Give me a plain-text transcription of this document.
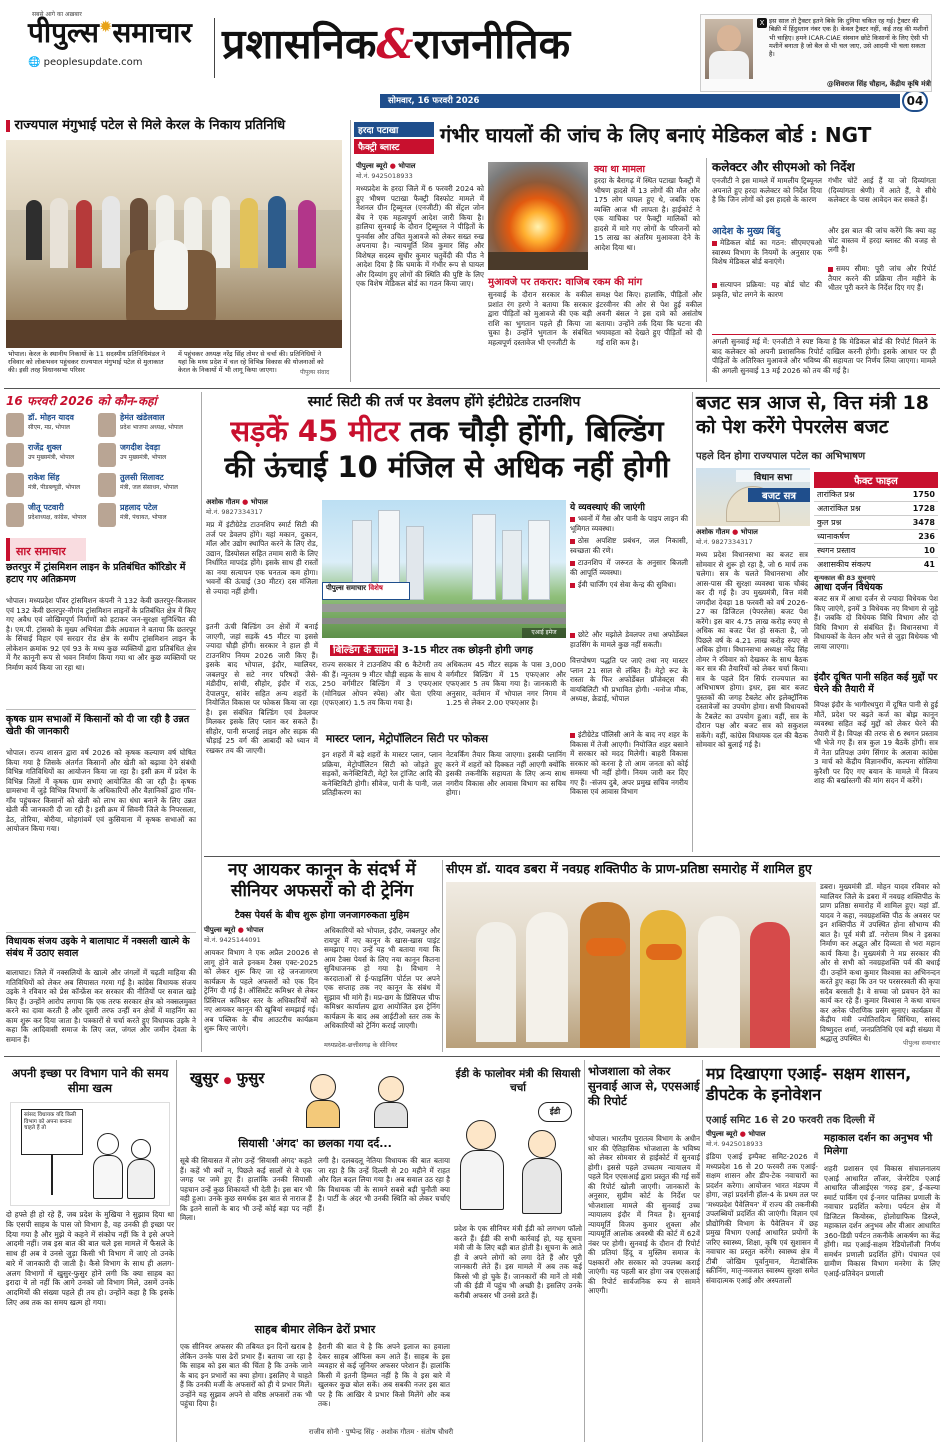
सबसे आगे का अख़बार
पीपुल्स✹समाचार
🌐 peoplesupdate.com	प्रशासनिक&राजनीतिक
सोमवार, 16 फरवरी 2026	04
X इस साल तो ट्रैक्टर इतने बिके कि दुनिया चकित रह गई। ट्रैक्टर की बिक्री में हिंदुस्तान नंबर एक है। केवल ट्रैक्टर नहीं, कई तरह की मशीनों भी चाहिए। हमने ICAR-CIAE संस्थान छोटे किसानों के लिए ऐसी भी मशीनें बनाता है जो बैल से भी चल जाए, उसे आदमी भी चला सकता है।
@शिवराज सिंह चौहान, केंद्रीय कृषि मंत्री
राज्यपाल मंगुभाई पटेल से मिले केरल के निकाय प्रतिनिधि
भोपाल। केरल के स्थानीय निकायों के 11 सदस्यीय प्रतिनिधिमंडल ने रविवार को लोकभवन पहुंचकर राज्यपाल मंगुभाई पटेल से मुलाकात की। इसी तरह विधानसभा परिसर
में पहुंचकर अध्यक्ष नरेंद्र सिंह तोमर से चर्चा की। प्रतिनिधियों ने यहां कि मध्य प्रदेश में चल रहे विभिन्न विकास की योजनाओं को केरल के निकायों में भी लागू किया जाएगा।	पीपुल्स संवाद
हरदा पटाखा
फैक्ट्री ब्लास्ट
गंभीर घायलों की जांच के लिए बनाएं मेडिकल बोर्ड : NGT
पीपुल्स ब्यूरो ● भोपाल
मो.नं. 9425018933
मध्यप्रदेश के हरदा जिले में 6 फरवरी 2024 को हुए भीषण पटाखा फैक्ट्री विस्फोट मामले में नेशनल ग्रीन ट्रिब्यूनल (एनजीटी) की सेंट्रल जोन बेंच ने एक महत्वपूर्ण आदेश जारी किया है। हालिया सुनवाई के दौरान ट्रिब्यूनल ने पीड़ितों के पुनर्वास और उचित मुआवजे को लेकर सख्त रुख अपनाया है। न्यायमूर्ति शिव कुमार सिंह और विशेषज्ञ सदस्य सुधीर कुमार चतुर्वेदी की पीठ ने आदेश दिया है कि घमाके में गंभीर रूप से घायल और दिव्यांग हुए लोगों की स्थिति की पुष्टि के लिए एक विशेष मेडिकल बोर्ड का गठन किया जाए।
क्या था मामला
हरदा के बैरागढ़ में स्थित पटाखा फैक्ट्री में भीषण हादसे में 13 लोगों की मौत और 175 लोग घायल हुए थे, जबकि एक व्यक्ति आज भी लापता है। हाईकोर्ट ने एक याचिका पर फैक्ट्री मालिकों को हादसे में मारे गए लोगों के परिजनों को 15 लाख का अंतरिम मुआवजा देने के आदेश दिया था।
मुआवजे पर तकरार: वाजिब रकम की मांग
सुनवाई के दौरान सरकार के वकील प्रशांत रंग हरणे ने बताया कि सरकार द्वारा पीड़ितों को मुआवजे की एक बड़ी राशि का भुगतान पहले ही किया जा चुका है। उन्होंने भुगतान के संबंधित महत्वपूर्ण दस्तावेज भी एनजीटी के
समक्ष पेश किए। हालांकि, पीड़ितों और इंटरवीनर की ओर से पेश हुई वकील अवनी बंसल ने इस दावे को असंतोष बताया। उन्होंने तर्क दिया कि घटना की भयावहता को देखते हुए पीड़ितों को दी गई राशि कम है।
कलेक्टर और सीएमओ को निर्देश
एनजीटी ने इस मामले में मामलीय ट्रिब्यूनल अपनाते हुए हरदा कलेक्टर को निर्देश दिया है कि जिन लोगों को इस हादसे के कारण
गंभीर चोटें आई हैं या जो दिव्यांगता (दिव्यांगता श्रेणी) में आते हैं, वे सीधे कलेक्टर के पास आवेदन कर सकते हैं।
आदेश के मुख्य बिंदु
मेडिकल बोर्ड का गठन: सीएमएचओ स्वास्थ्य विभाग के नियमों के अनुसार एक विशेष मेडिकल बोर्ड बनाएंगे।
सत्यापन प्रक्रिया: यह बोर्ड चोट की प्रकृति, चोट लगने के कारण
और इस बात की जांच करेंगे कि क्या वह चोट वास्तव में हरदा ब्लास्ट की वजह से लगी है।
समय सीमा: पूरी जांच और रिपोर्ट तैयार करने की प्रक्रिया तीन महीने के भीतर पूरी करने के निर्देश दिए गए हैं।
अगली सुनवाई मई में: एनजीटी ने स्पष्ट किया है कि मेडिकल बोर्ड की रिपोर्ट मिलने के बाद कलेक्टर को अपनी प्रशासनिक रिपोर्ट दाखिल करनी होगी। इसके आधार पर ही पीड़ितों के अतिरिक्त मुआवजे और भविष्य की सहायता पर निर्णय लिया जाएगा। मामले की अगली सुनवाई 13 मई 2026 को तय की गई है।
16 फरवरी 2026 को कौन-कहां
डॉ. मोहन यादव
सीएम, मप्र, भोपाल
हेमंत खंडेलवाल
प्रदेश भाजपा अध्यक्ष, भोपाल
राजेंद्र शुक्ल
उप मुख्यमंत्री, भोपाल
जगदीश देवड़ा
उप मुख्यमंत्री, भोपाल
राकेश सिंह
मंत्री, पीडब्ल्यूडी, भोपाल
तुलसी सिलावट
मंत्री, जल संसाधन, भोपाल
जीतू पटवारी
प्रदेशाध्यक्ष, कांग्रेस, भोपाल
प्रहलाद पटेल
मंत्री, पंचायत, भोपाल
सार समाचार
छतरपुर में ट्रांसमिशन लाइन के प्रतिबंधित कॉरिडोर में हटाए गए अतिक्रमण
भोपाल। मध्यप्रदेश पॉवर ट्रांसमिशन कंपनी ने 132 केवी छतरपुर-बिजावर एवं 132 केवी छतरपुर-नौगांव ट्रांसमिशन लाइनों के प्रतिबंधित क्षेत्र में किए गए अवैध एवं जोखिमपूर्ण निर्माणों को हटाकर जन-सुरक्षा सुनिश्चित की है। एम.पी. ट्रांसको के मुख्य अभियंता डीके अग्रवाल ने बताया कि छतरपुर के सिंचाई विहार एवं सरदार रोड क्षेत्र के समीप ट्रांसमिशन लाइन के लोकेशन क्रमांक 92 एवं 93 के मध्य कुछ व्यक्तियों द्वारा प्रतिबंधित क्षेत्र में गैर कानूनी रूप से भवन निर्माण किया गया था और कुछ व्यक्तियों पर निर्माण कार्य किया जा रहा था।
कृषक ग्राम सभाओं में किसानों को दी जा रही है उन्नत खेती की जानकारी
भोपाल। राज्य शासन द्वारा वर्ष 2026 को कृषक कल्याण वर्ष घोषित किया गया है जिसके अंतर्गत किसानों और खेती को बढ़ावा देने संबंधी विभिन्न गतिविधियों का आयोजन किया जा रहा है। इसी क्रम में प्रदेश के विभिन्न जिलों में कृषक ग्राम सभाएं आयोजित की जा रही है। कृषक ग्रामसभा में जुड़े विभिन्न विभागों के अधिकारियों और वैज्ञानिकों द्वारा गाँव-गाँव पहुंचकर किसानों को खेती को लाभ का धंधा बनाने के लिए उन्नत खेती की जानकारी दी जा रही है। इसी क्रम में सिवनी जिले के निपरसला, डेठ, तोरिया, बोरीया, मोहगांवमें एवं कुसियाना में कृषक सभाओं का आयोजन किया गया।
विधायक संजय उइके ने बालाघाट में नक्सली खात्मे के संबंध में उठाए सवाल
बालाघाट। जिले में नक्सलियों के खात्मे और जंगलों में चढ़ती माहिया की गतिविधियों को लेकर अब सियासत गरमा गई है। कांग्रेस विधायक संजय उइके ने रविवार को प्रेस कॉन्फ्रेंस कर सरकार की नीतियों पर सवाल खड़े किए हैं। उन्होंने आरोप लगाया कि एक तरफ सरकार क्षेत्र को नक्सलमुक्त करने का दावा करती है और दूसरी तरफ उन्हीं वन क्षेत्रों में माहनिंग का काम शुरू कर दिया जाता है। पत्रकारों से चर्चा करते हुए विधायक उइके ने कहा कि आदिवासी समाज के लिए जल, जंगल और जमीन देवता के समान हैं।
स्मार्ट सिटी की तर्ज पर डेवलप होंगे इंटीग्रेटेड टाउनशिप
सड़कें 45 मीटर तक चौड़ी होंगी, बिल्डिंग
की ऊंचाई 10 मंजिल से अधिक नहीं होगी
अशोक गौतम ● भोपाल
मो.नं. 9827334317
मप्र में इंटीग्रेटेड टाउनशिप स्मार्ट सिटी की तर्ज पर डेवलप होंगे। यहां मकान, दुकान, मॉल और उद्योग स्थापित करने के लिए रोड, उद्यान, डिस्पोसल सहित तमाम सारी के लिए निर्धारित मापदंड होंगे। इसके साथ ही रास्तों का नया सत्यापन एक घनतत्व कम होगा। भवनों की ऊंचाई (30 मीटर) दस मंजिला से ज्यादा नहीं होगी।
इतनी ऊंची बिल्डिंग उन क्षेत्रों में बनाई जाएगी, जहां सड़कें 45 मीटर या इससे ज्यादा चौड़ी होंगी। सरकार ने हाल ही में टाउनशिप नियम 2026 जारी किए हैं। इसके बाद भोपाल, इंदौर, ग्वालियर, जबलपुर से सटे नगर परिषदों जैसे- मंडीदीप, सांची, सीहोर, इंदौर में राऊ, देपालपुर, सांवेर सहित अन्य शहरों के नियोजित विकास पर फोकस किया जा रहा है। इस संबंधित बिल्डिंग एवं डेवलपर मिलकर इसके लिए प्लान कर सकते हैं। सीहोर, पानी सप्लाई लाइन और सड़क की चौड़ाई 25 वर्ग की आबादी को ध्यान में रखकर तय की जाएगी।
पीपुल्स समाचार विशेष
एआई इमेज
बिल्डिंग के सामने 3-15 मीटर तक छोड़नी होगी जगह
राज्य सरकार ने टाउनशिप की 6 कैटेगरी तय की हैं। न्यूनतम 9 मीटर चौड़ी सड़क के साथ ये 250 वर्गमीटर बिल्डिंग में 3 एफएआर (मोनिग्रल ओपन स्पेस) और चेता एरिया (एफएआर) 1.5 तय किया गया है।
अधिकतम 45 मीटर सड़क के पास 3,000 वर्गमीटर बिल्डिंग में 15 एफएआर और एफएआर 5 तय किया गया है। जानकारी के अनुसार, वर्तमान में भोपाल नगर निगम में 1.25 से लेकर 2.00 एफएआर है।
मास्टर प्लान, मेट्रोपॉलिटन सिटी पर फोकस
इन शहरों में बड़े शहरों के मास्टर प्लान, प्लान प्रक्रिया, मेट्रोपॉलिटन सिटी को जोड़ते हुए सड़कों, कनेक्टिविटी, मेट्रो रेल ट्रांजिट आदि की कनेक्टिविटी होगी। सीवेज, पानी के पानी, जल प्रतिहीकरण का
नेटवर्किंग तैयार किया जाएगा। इसकी प्लानिंग करने में शहरों को दिक्कत नहीं आएगी क्योंकि इसकी तकनीकि सहायता के लिए अन्य साथ नगरीय विकास और आवास विभाग का सचिव होगा।
ये व्यवस्थाएं की जाएंगी
भवनों में गैस और पानी के पाइप लाइन की भूमिगत व्यवस्था।
ठोस अपशिष्ट प्रबंधन, जल निकासी, स्वच्छता की रणे।
टाउनशिप में जरूरत के अनुसार बिजली की आपूर्ति व्यवस्था।
ईवी चार्जिंग एवं सेवा केन्द्र की सुविधा।
छोटे और मझोले डेवलपर तथा अफोर्डेबल हाउसिंग के मामले कुछ नहीं सकती।
वित्तपोषण पद्धति पर जाएं तथा नए मास्टर प्लान 21 साल से लंबित हैं। मेट्रो रूट के रास्ता के फिर अफोर्डेबल प्रॉजेक्ट्स की वायबिलिटी भी प्रभावित होगी। -मनोज मीक, अध्यक्ष, क्रेडाई, भोपाल
इंटीग्रेटेड पॉलिसी आने के बाद नए शहर के विकास में तेजी आएगी। नियोजित शहर बसाने में सरकार को मदद मिलेगी। बाहरी विकास सरकार को करना है तो आम जनता को कोई समस्या भी नहीं होगी। नियम जारी कर दिए गए हैं। -संजय दुबे, अपर प्रमुख सचिव नगरीय विकास एवं आवास विभाग
बजट सत्र आज से, वित्त मंत्री 18 को पेश करेंगे पेपरलेस बजट
पहले दिन होगा राज्यपाल पटेल का अभिभाषण
विधान सभा
बजट सत्र
अशोक गौतम ● भोपाल
मो.नं. 9827334317
मध्य प्रदेश विधानसभा का बजट सत्र सोमवार से शुरू हो रहा है, जो 6 मार्च तक चलेगा। सत्र के चलते विधानसभा और आस-पास की सुरक्षा व्यवस्था चाक चौबंद कर दी गई है। उप मुख्यमंत्री, वित्त मंत्री जगदीश देवड़ा 18 फरवरी को वर्ष 2026-27 का डिजिटल (पेपरलेस) बजट पेश करेंगे। इस बार 4.75 लाख करोड़ रुपए से अधिक का बजट पेश हो सकता है, जो पिछले वर्ष के 4.21 लाख करोड़ रुपए से अधिक होगा। विधानसभा अध्यक्ष नरेंद्र सिंह तोमर ने रविवार को देखकर के साथ बैठक कर सत्र की तैयारियों को लेकर चर्चा किया। सत्र के पहले दिन सिर्फ राज्यपाल का अभिभाषण होगा। इधर, इस बार बजट पुस्तकों की जगह टैबलेट और इलेक्ट्रॉनिक दस्तावेजों का उपयोग होगा। सभी विधायकों के टैबलेट का उपयोग हुआ। वहीं, सत्र के दौरान पक्ष और बजट सत्र को सकुशल सकेंगे। वहीं, कांग्रेस विधायक दल की बैठक सोमवार को बुलाई गई है।
फैक्ट फाइल
तारांकित प्रश्न	1750
अतारांकित प्रश्न	1728
कुल प्रश्न	3478
ध्यानाकर्षण	236
स्थगन प्रस्ताव	10
अशासकीय संकल्प	41
शून्यकाल की 83 सूचनाएं
आधा दर्जन विधेयक
बजट सत्र में आधा दर्जन से ज्यादा विधेयक पेश किए जाएंगे, इनमें 3 विधेयक नए विभाग से जुड़े हैं। जबकि दो विधेयक विधि विभाग और दो विधि विभाग से संबंधित हैं। विधानसभा में विधायकों के वेतन और भत्ते से जुड़ा विधेयक भी लाया जाएगा।
इंदौर दूषित पानी सहित कई मुद्दों पर घेरने की तैयारी में
विपक्ष इंदौर के भागीरथपुरा में दूषित पानी से हुई मौतें, प्रदेश पर बढ़ते कर्ज का बोझ कानून व्यवस्था सहित कई मुद्दों को लेकर घेरने की तैयारी में है। विपक्ष की तरफ से 6 स्थगन प्रस्ताव भी भेजे गए हैं। सत्र कुल 19 बैठकें होंगी। सत्र में नेता प्रतिपक्ष उमंग सिंगार के अलावा कांग्रेस 3 मार्च को केंद्रीय विज्ञानर्थीय, कल्पना सोलिया कुरैशी पर दिए गए बयान के मामले में विजय शाह की बर्खास्तगी की मांग सदन में करेंगे।
नए आयकर कानून के संदर्भ में सीनियर अफसरों को दी ट्रेनिंग
टैक्स पेयर्स के बीच शुरू होगा जनजागरुकता मुहिम
पीपुल्स ब्यूरो ● भोपाल
मो.नं. 9425144091
आयकर विभाग ने एक अप्रैल 20026 से लागू होने वाले इनकम टैक्स एक्ट-2025 को लेकर शुरू किए जा रहे जनजागरण कार्यक्रम के पहले अफसरों को एक दिन ट्रेनिंग दी गई है। ऑसिस्टेंट कमिश्नर से लेकर प्रिंसिपल कमिश्नर स्तर के अधिकारियों को नए आयकर कानून की खूबियां समझाई गई। अब पब्लिक के बीच आउटरीच कार्यक्रम शुरू किए जाएंगे।
अधिकारियों को भोपाल, इंदौर, जबलपुर और रायपुर में नए कानून के खास-खास पाइंट समझाए गए। उन्हें यह भी बताया गया कि आम टैक्स पेयर्स के लिए नया कानून कितना सुविधाजनक हो गया है। विभाग ने करदाताओं से ई-फाइलिंग पोर्टल पर अपने एक सप्ताह तक नए कानून के संबंध में सुझाव भी मांगे हैं। मप्र-छग के प्रिंसिपल चीफ कमिश्नर कार्यालय द्वारा आयोजित इस ट्रेनिंग कार्यक्रम के बाद अब आईटीओ स्तर तक के अधिकारियों को ट्रेनिंग कराई जाएगी।
मध्यप्रदेश-छत्तीसगढ़ के सीनियर
सीएम डॉ. यादव डबरा में नवग्रह शक्तिपीठ के प्राण-प्रतिष्ठा समारोह में शामिल हुए
डबरा। मुख्यमंत्री डॉ. मोहन यादव रविवार को ग्वालियर जिले के डबरा में नवग्रह शक्तिपीठ के प्राण प्रतिष्ठा समारोह में शामिल हुए। यहां डॉ. यादव ने कहा, नवग्रहशक्ति पीठ के अवसर पर इन शक्तिपीठ में उपस्थित होना सौभाग्य की बात है। पूर्व मंत्री डॉ. नरोत्तम मिश्र ने इसका निर्माण कर अद्भुत और दिव्यता से भरा महान कार्य किया है। मुख्यमंत्री ने मप्र सरकार की ओर से सभी को नवग्रहशक्ति पर्व की बधाई दी। उन्होंने कथा कुमार विश्वास का अभिनन्दन करते हुए कहा कि उन पर परसरस्वती की कृपा सदैव बरसती है। वे सच्चा जो प्रवचन देने का कार्य कर रहे हैं। कुमार विश्वास ने कथा वाचन कर अनेक पौराणिक प्रसंग सुनाए। कार्यक्रम में केंद्रीय मंत्री ज्योतिरादित्य सिंधिया, सांसद विष्णुदत्त शर्मा, जनप्रतिनिधि एवं बड़ी संख्या में श्रद्धालु उपस्थित थे।	पीपुल्स समाचार
अपनी इच्छा पर विभाग पाने की समय सीमा खत्म
सांसद विधायक यदि किसी विभाग को अपना बनाना चाहते हैं तो
दो हफ्ते ही हो रहे हैं, जब प्रदेश के मुखिया ने सुझाव दिया था कि एसपी साहब के पास जो विभाग है, वह उनकी ही इच्छा पर दिया गया है और मुझे ये कहने में संकोच नहीं कि वे इसे अपने आदमी नहीं। जब इस बात की बात चले इस मामले में फैसले के साथ ही अब वे उनसे जुड़ा किसी भी विभाग में जाएं तो उनके बारे में जानकारी दी जाती है। कैसे विभाग के साथ ही अलग-अलग विभागों में खुसुर-फुसुर होने लगी कि क्या साहब का इरादा ये तो नहीं कि आगे उनको जो विभाग मिले, उसमें उनके आदमियों की संख्या पहले ही तय हो। उन्होंने कहा है कि इसके लिए अब तक का समय खत्म हो गया।
खुसुर ● फुसुर
सियासी 'अंगद' का छलका गया दर्द...
सूबे की सियासत में लोग उन्हें 'सियासी अंगद' कहते हैं। कहें भी क्यों न, पिछले कई सालों से वे एक जगह पर जमे हुए हैं। हालांकि उनकी सियासी पहचान उन्हें कुछ शिकायतें भी देती है। इस बार भी वही हुआ। उनके कुछ समर्थक इस बात से नाराज हैं कि इतने सालों के बाद भी उन्हें कोई बड़ा पद नहीं मिला।
लगी है। दलबदलू नेतिया विधायक की बात बताया जा रहा है कि उन्हें दिल्ली से 20 महीने में राहत और दिल बदल लिया गया है। अब सवाल उठ रहा है कि विधायक जी के सामने सबसे बड़ी चुनौती क्या है। पार्टी के अंदर भी उनकी स्थिति को लेकर चर्चाएं हैं।
साहब बीमार लेकिन ढेरों प्रभार
एक सीनियर अफसर की तबियत इन दिनों खराब है लेकिन उनके पास ढेरों प्रभार हैं। बताया जा रहा है कि साहब को इस बात की चिंता है कि उनके जाने के बाद इन प्रभारों का क्या होगा। इसलिए वे चाहते हैं कि उनकी मर्जी के अफसरों को ही ये प्रभार मिलें। उन्होंने यह सुझाव अपने से वरिष्ठ अफसरों तक भी पहुंचा दिया है।
हैरानी की बात ये है कि अपने इलाज का हवाला देकर साहब ऑफिस कम आते हैं। साहब के इस व्यवहार से कई जूनियर अफसर परेशान हैं। हालांकि किसी में इतनी हिम्मत नहीं है कि वे इस बारे में खुलकर कुछ बोल सकें। अब सबकी नजर इस बात पर है कि आखिर ये प्रभार किसे मिलेंगे और कब तक।
राजीव सोनी · पुष्पेन्द्र सिंह · अशोक गौतम · संतोष चौधरी
ईडी के फालोवर मंत्री की सियासी चर्चा
ईडी
प्रदेश के एक सीनियर मंत्री ईडी को लगभग फॉलो करते हैं। ईडी की सभी कार्रवाई हो, यह सूचना मंत्री जी के लिए बड़ी बात होती है। सूचना के आते ही वे अपने लोगों को लगा देते हैं और पूरी जानकारी लेते हैं। इस मामले में अब तक कई किस्से भी हो चुके हैं। जानकारों की मानें तो मंत्री जी की ईडी में पहुंच भी अच्छी है। इसलिए उनके करीबी अफसर भी उनसे डरते हैं।
भोजशाला को लेकर सुनवाई आज से, एएसआई की रिपोर्ट
भोपाल। भारतीय पुरातत्व विभाग के अधीन धार की ऐतिहासिक भोजशाला के भविष्य को लेकर सोमवार से हाईकोर्ट में सुनवाई होगी। इससे पहले उच्चतम न्यायालय में पहले दिन एएसआई द्वारा प्रस्तुत की गई सर्वे की रिपोर्ट खोली जाएगी। जानकारों के अनुसार, सुप्रीम कोर्ट के निर्देश पर भोजशाला मामले की सुनवाई उच्च न्यायालय इंदौर में नियत है। सुनवाई न्यायमूर्ति विजय कुमार शुक्ला और न्यायमूर्ति आलोक अवस्थी की कोर्ट में 62वें नंबर पर होगी। सुनवाई के दौरान दी रिपोर्ट की प्रतियां हिंदू व मुस्लिम समाज के पक्षकारों और सरकार को उपलब्ध कराई जाएंगी। यह पहली बार होगा जब एएसआई की रिपोर्ट सार्वजनिक रूप से सामने आएगी।
मप्र दिखाएगा एआई- सक्षम शासन, डीपटेक के इनोवेशन
एआई समिट 16 से 20 फरवरी तक दिल्ली में
पीपुल्स ब्यूरो ● भोपाल
मो.नं. 9425018933
इंडिया एआई इम्पैक्ट समिट-2026 में मध्यप्रदेश 16 से 20 फरवरी तक एआई-सक्षम शासन और डीप-टेक नवाचारों का प्रदर्शन करेगा। आयोजन भारत मंडपम में होगा, जहां प्रदर्शनी हॉल-4 के प्रथम तल पर 'मध्यप्रदेश पैवेलियन' में राज्य की तकनीकी उपलब्धियों प्रदर्शित की जाएंगी। विज्ञान एवं प्रौद्योगिकी विभाग के पैवेलियन में छह प्रमुख विभाग एआई आधारित प्रयोगों के जरिए स्वास्थ्य, शिक्षा, कृषि एवं सुशासन में नवाचार का प्रस्तुत करेंगे। स्वास्थ्य क्षेत्र में टीबी जोखिम पूर्वानुमान, मेटाबोलिक स्क्रीनिंग, मातृ-नवजात स्वास्थ्य सुरक्षा समेत संवादात्मक एआई और अस्पतालों
महाकाल दर्शन का अनुभव भी मिलेगा
शहरी प्रशासन एवं विकास संचालनालय एआई आधारित लॉजर, जेनरेटिव एआई आधारित जीआईएस 'गरुड़ हब', ई-कल्या स्मार्ट पार्किंग एवं ई-नगर पालिका प्रणाली के नवाचार प्रदर्शित करेगा। पर्यटन क्षेत्र में डिजिटल कियोस्क, होलोग्राफिक डिस्प्ले, महाकाल दर्शन अनुभव और वीआर आधारित 360-डिग्री पर्यटन तकनीकें आकर्षण का केंद्र होंगी। मप्र एआई-सक्षम रेडियोलॉजी निर्णय समर्थन प्रणाली प्रदर्शित होंगे। पंचायत एवं ग्रामीण विकास विभाग मनरेगा के लिए एआई-प्रतिवेदन प्रणाली
